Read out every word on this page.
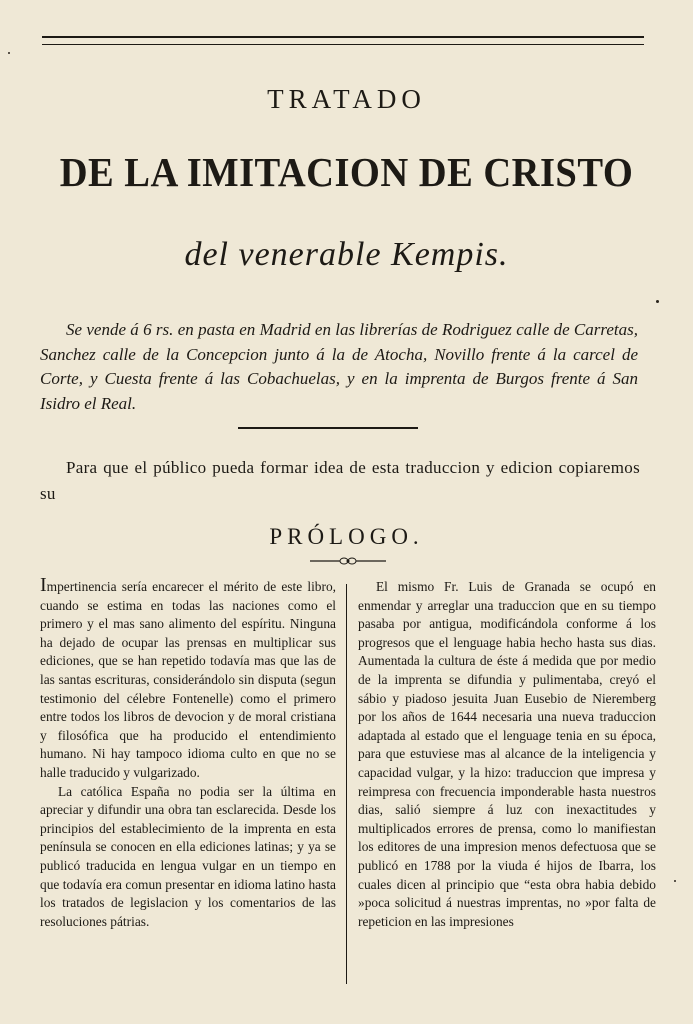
TRATADO
DE LA IMITACION DE CRISTO
del venerable Kempis.
Se vende á 6 rs. en pasta en Madrid en las librerías de Rodriguez calle de Carretas, Sanchez calle de la Concepcion junto á la de Atocha, Novillo frente á la carcel de Corte, y Cuesta frente á las Cobachuelas, y en la imprenta de Burgos frente á San Isidro el Real.
Para que el público pueda formar idea de esta traduccion y edicion copiaremos su
PRÓLOGO.

Impertinencia sería encarecer el mérito de este libro, cuando se estima en todas las naciones como el primero y el mas sano alimento del espíritu. Ninguna ha dejado de ocupar las prensas en multiplicar sus ediciones, que se han repetido todavía mas que las de las santas escrituras, considerándolo sin disputa (segun testimonio del célebre Fontenelle) como el primero entre todos los libros de devocion y de moral cristiana y filosófica que ha producido el entendimiento humano. Ni hay tampoco idioma culto en que no se halle traducido y vulgarizado.

La católica España no podia ser la última en apreciar y difundir una obra tan esclarecida. Desde los principios del establecimiento de la imprenta en esta península se conocen en ella ediciones latinas; y ya se publicó traducida en lengua vulgar en un tiempo en que todavía era comun presentar en idioma latino hasta los tratados de legislacion y los comentarios de las resoluciones pátrias.

El mismo Fr. Luis de Granada se ocupó en enmendar y arreglar una traduccion que en su tiempo pasaba por antigua, modificándola conforme á los progresos que el lenguage habia hecho hasta sus dias. Aumentada la cultura de éste á medida que por medio de la imprenta se difundia y pulimentaba, creyó el sábio y piadoso jesuita Juan Eusebio de Nieremberg por los años de 1644 necesaria una nueva traduccion adaptada al estado que el lenguage tenia en su época, para que estuviese mas al alcance de la inteligencia y capacidad vulgar, y la hizo: traduccion que impresa y reimpresa con frecuencia imponderable hasta nuestros dias, salió siempre á luz con inexactitudes y multiplicados errores de prensa, como lo manifiestan los editores de una impresion menos defectuosa que se publicó en 1788 por la viuda é hijos de Ibarra, los cuales dicen al principio que “esta obra habia debido »poca solicitud á nuestras imprentas, no »por falta de repeticion en las impresiones
